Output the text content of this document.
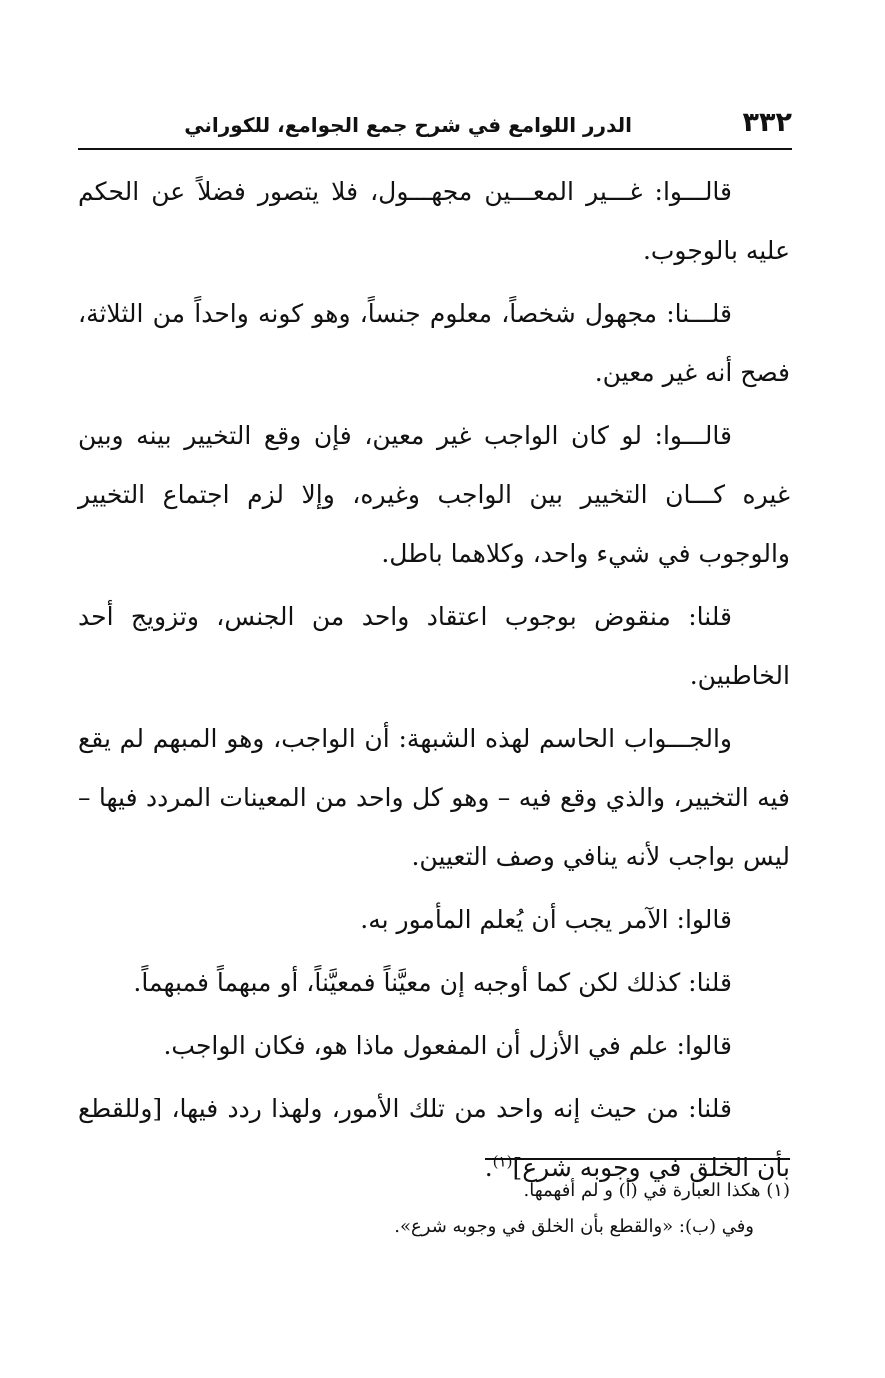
٣٣٢
الدرر اللوامع في شرح جمع الجوامع، للكوراني

قالـــوا: غـــير المعـــين مجهـــول، فلا يتصور فضلاً عن الحكم عليه بالوجوب.

قلـــنا: مجهول شخصاً، معلوم جنساً، وهو كونه واحداً من الثلاثة، فصح أنه غير معين.

قالـــوا: لو كان الواجب غير معين، فإن وقع التخيير بينه وبين غيره كـــان التخيير بين الواجب وغيره، وإلا لزم اجتماع التخيير والوجوب في شيء واحد، وكلاهما باطل.

قلنا: منقوض بوجوب اعتقاد واحد من الجنس، وتزويج أحد الخاطبين.

والجـــواب الحاسم لهذه الشبهة: أن الواجب، وهو المبهم لم يقع فيه التخيير، والذي وقع فيه – وهو كل واحد من المعينات المردد فيها – ليس بواجب لأنه ينافي وصف التعيين.

قالوا: الآمر يجب أن يُعلم المأمور به.

قلنا: كذلك لكن كما أوجبه إن معيَّناً فمعيَّناً، أو مبهماً فمبهماً.

قالوا: علم في الأزل أن المفعول ماذا هو، فكان الواجب.

قلنا: من حيث إنه واحد من تلك الأمور، ولهذا ردد فيها، [وللقطع بأن الخلق في وجوبه شرع]$^{(١)}$.

(١) هكذا العبارة في (أ) و لم أفهمها.

وفي (ب): «والقطع بأن الخلق في وجوبه شرع».
